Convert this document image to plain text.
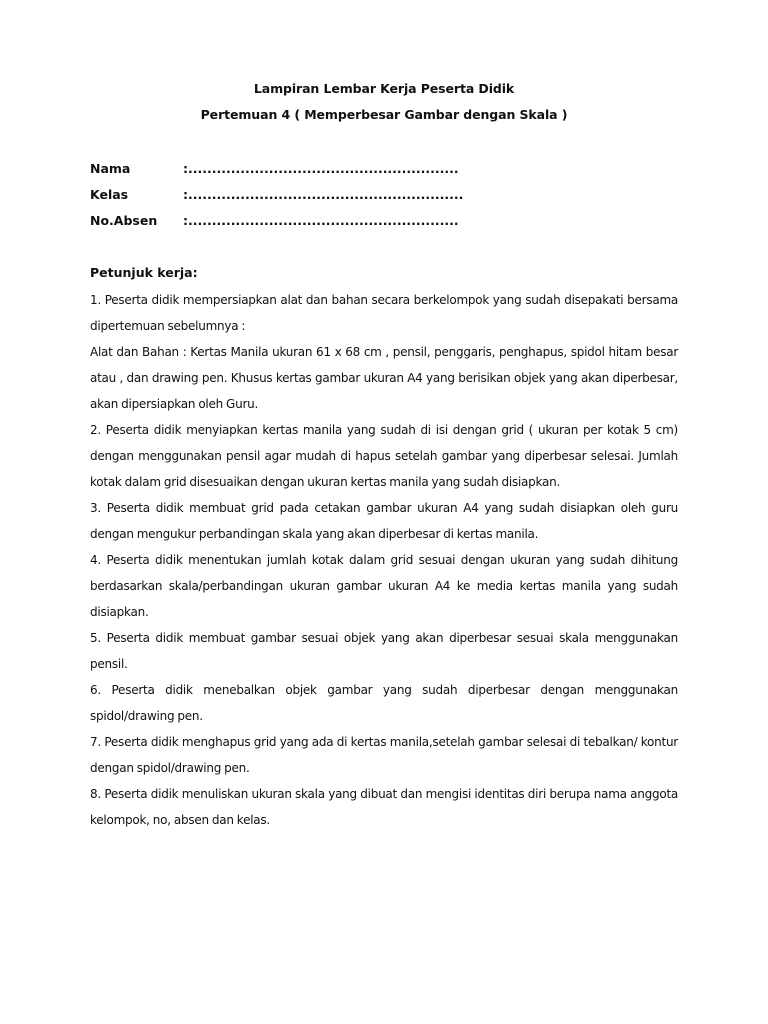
Lampiran Lembar Kerja Peserta Didik
Pertemuan 4 ( Memperbesar Gambar dengan Skala )
Nama	:.........................................................
Kelas	:..........................................................
No.Absen :.........................................................
Petunjuk kerja:

1. Peserta didik mempersiapkan alat dan bahan secara berkelompok yang sudah disepakati bersama dipertemuan sebelumnya :

Alat dan Bahan : Kertas Manila ukuran 61 x 68 cm , pensil, penggaris, penghapus, spidol hitam besar atau , dan drawing pen. Khusus kertas gambar ukuran A4 yang berisikan objek yang akan diperbesar, akan dipersiapkan oleh Guru.

2. Peserta didik menyiapkan kertas manila yang sudah di isi dengan grid ( ukuran per kotak 5 cm) dengan menggunakan pensil agar mudah di hapus setelah gambar yang diperbesar selesai. Jumlah kotak dalam grid disesuaikan dengan ukuran kertas manila yang sudah disiapkan.

3. Peserta didik membuat grid pada cetakan gambar ukuran A4 yang sudah disiapkan oleh guru dengan mengukur perbandingan skala yang akan diperbesar di kertas manila.

4. Peserta didik menentukan jumlah kotak dalam grid sesuai dengan ukuran yang sudah dihitung berdasarkan skala/perbandingan ukuran gambar ukuran A4 ke media kertas manila yang sudah disiapkan.

5. Peserta didik membuat gambar sesuai objek yang akan diperbesar sesuai skala menggunakan pensil.

6. Peserta didik menebalkan objek gambar yang sudah diperbesar dengan menggunakan spidol/drawing pen.

7. Peserta didik menghapus grid yang ada di kertas manila,setelah gambar selesai di tebalkan/ kontur dengan spidol/drawing pen.

8. Peserta didik menuliskan ukuran skala yang dibuat dan mengisi identitas diri berupa nama anggota kelompok, no, absen dan kelas.
